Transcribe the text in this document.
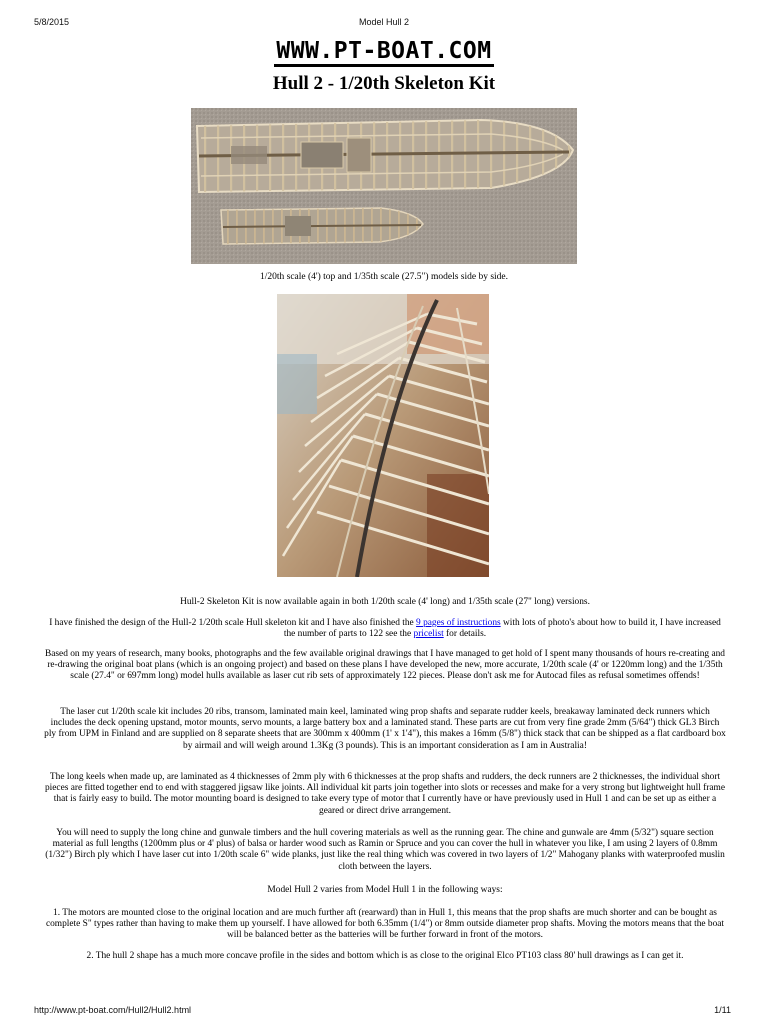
5/8/2015	Model Hull 2
WWW.PT-BOAT.COM
Hull 2 - 1/20th Skeleton Kit
1/20th scale (4') top and 1/35th scale (27.5") models side by side.
Hull-2 Skeleton Kit is now available again in both 1/20th scale (4' long) and 1/35th scale (27" long) versions.
I have finished the design of the Hull-2 1/20th scale Hull skeleton kit and I have also finished the 9 pages of instructions with lots of photo's about how to build it, I have increased the number of parts to 122 see the pricelist for details.
Based on my years of research, many books, photographs and the few available original drawings that I have managed to get hold of I spent many thousands of hours re-creating and re-drawing the original boat plans (which is an ongoing project) and based on these plans I have developed the new, more accurate, 1/20th scale (4' or 1220mm long) and the 1/35th scale (27.4" or 697mm long) model hulls available as laser cut rib sets of approximately 122 pieces. Please don't ask me for Autocad files as refusal sometimes offends!
The laser cut 1/20th scale kit includes 20 ribs, transom, laminated main keel, laminated wing prop shafts and separate rudder keels, breakaway laminated deck runners which includes the deck opening upstand, motor mounts, servo mounts, a large battery box and a laminated stand. These parts are cut from very fine grade 2mm (5/64") thick GL3 Birch ply from UPM in Finland and are supplied on 8 separate sheets that are 300mm x 400mm (1' x 1'4"), this makes a 16mm (5/8") thick stack that can be shipped as a flat cardboard box by airmail and will weigh around 1.3Kg (3 pounds). This is an important consideration as I am in Australia!
The long keels when made up, are laminated as 4 thicknesses of 2mm ply with 6 thicknesses at the prop shafts and rudders, the deck runners are 2 thicknesses, the individual short pieces are fitted together end to end with staggered jigsaw like joints. All individual kit parts join together into slots or recesses and make for a very strong but lightweight hull frame that is fairly easy to build. The motor mounting board is designed to take every type of motor that I currently have or have previously used in Hull 1 and can be set up as either a geared or direct drive arrangement.
You will need to supply the long chine and gunwale timbers and the hull covering materials as well as the running gear. The chine and gunwale are 4mm (5/32") square section material as full lengths (1200mm plus or 4' plus) of balsa or harder wood such as Ramin or Spruce and you can cover the hull in whatever you like, I am using 2 layers of 0.8mm (1/32") Birch ply which I have laser cut into 1/20th scale 6" wide planks, just like the real thing which was covered in two layers of 1/2" Mahogany planks with waterproofed muslin cloth between the layers.
Model Hull 2 varies from Model Hull 1 in the following ways:
1. The motors are mounted close to the original location and are much further aft (rearward) than in Hull 1, this means that the prop shafts are much shorter and can be bought as complete S" types rather than having to make them up yourself. I have allowed for both 6.35mm (1/4") or 8mm outside diameter prop shafts. Moving the motors means that the boat will be balanced better as the batteries will be further forward in front of the motors.
2. The hull 2 shape has a much more concave profile in the sides and bottom which is as close to the original Elco PT103 class 80' hull drawings as I can get it.
http://www.pt-boat.com/Hull2/Hull2.html	1/11
